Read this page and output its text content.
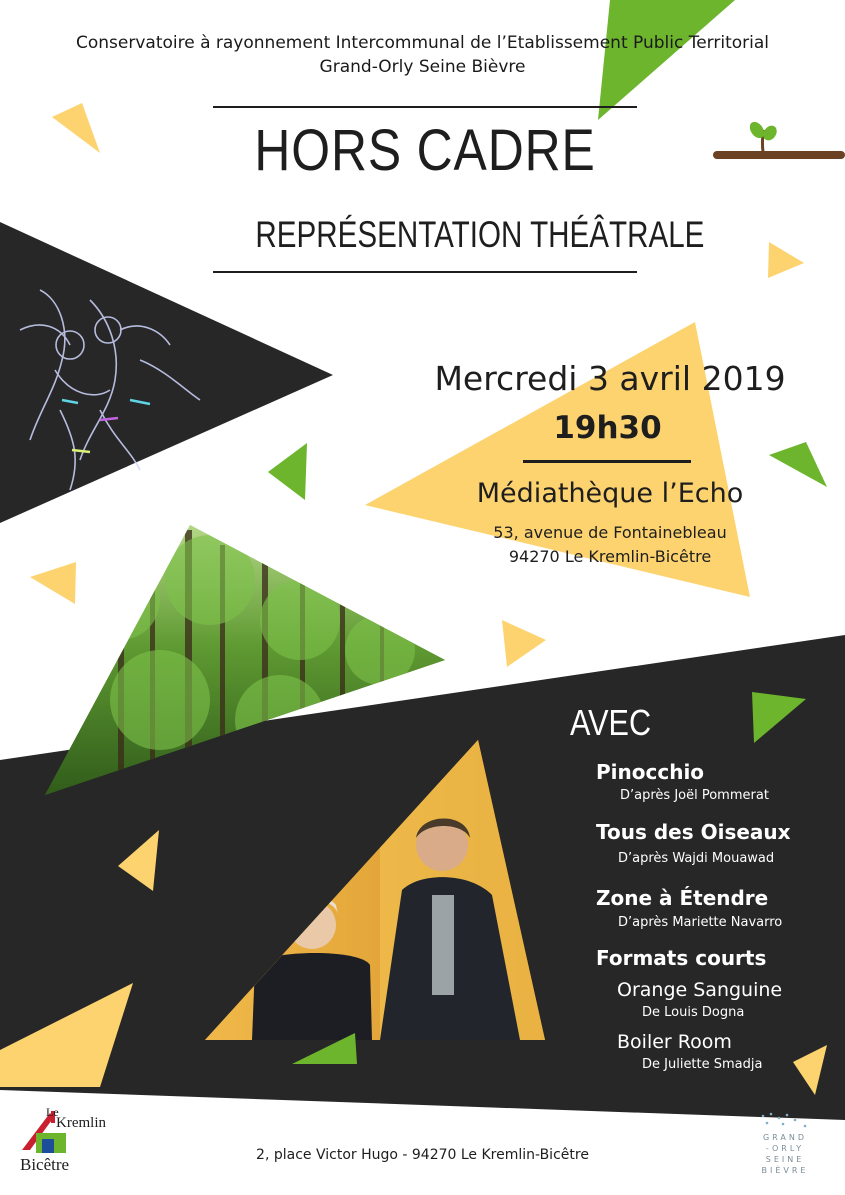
Conservatoire à rayonnement Intercommunal de l’Etablissement Public Territorial
Grand-Orly Seine Bièvre
HORS CADRE
REPRÉSENTATION THÉÂTRALE
Mercredi 3 avril 2019
19h30
Médiathèque l’Echo
53, avenue de Fontainebleau
94270 Le Kremlin-Bicêtre
AVEC
Pinocchio
D’après Joël Pommerat
Tous des Oiseaux
D’après Wajdi Mouawad
Zone à Étendre
D’après Mariette Navarro
Formats courts
Orange Sanguine
De Louis Dogna
Boiler Room
De Juliette Smadja
2, place Victor Hugo - 94270 Le Kremlin-Bicêtre
Le
Kremlin
Bicêtre
GRAND
-ORLY
SEINE
BIÈVRE
